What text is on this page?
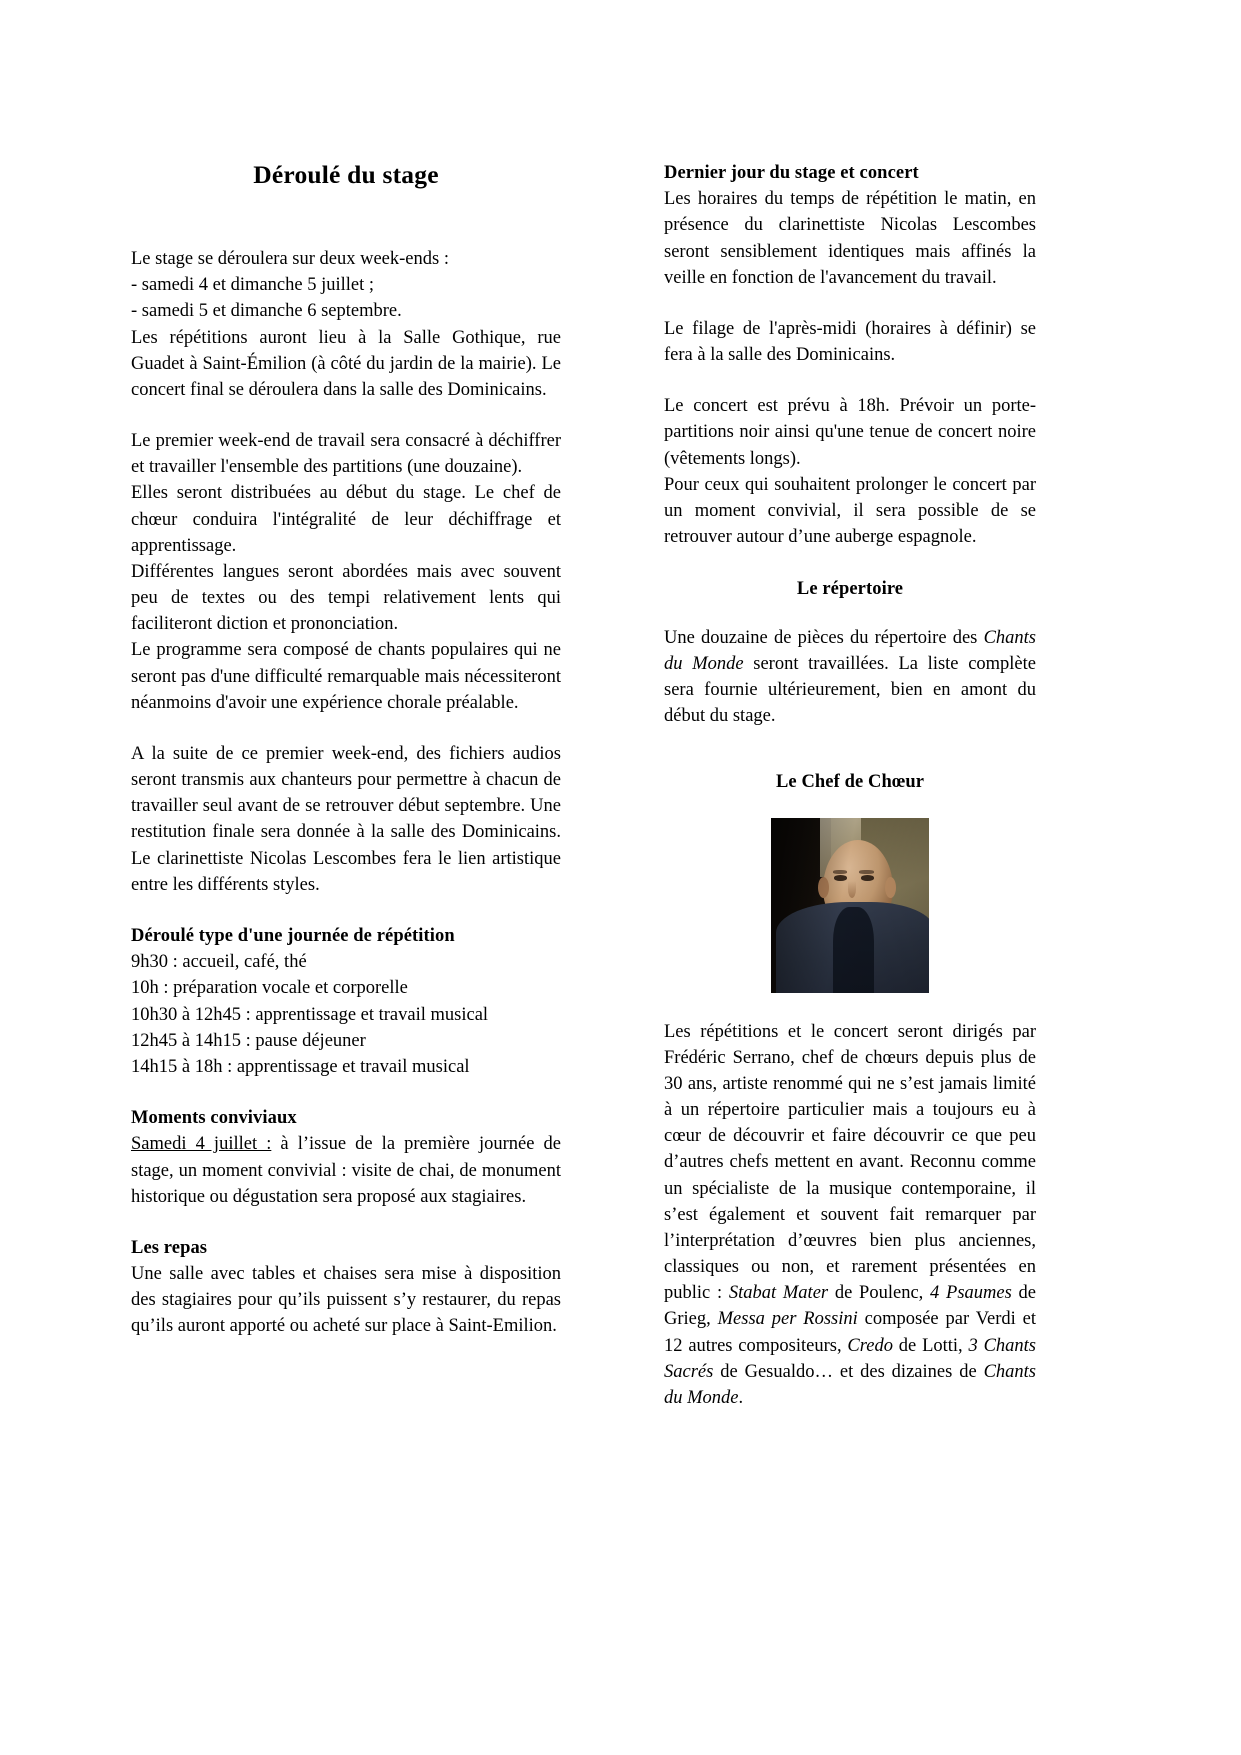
Déroulé du stage

Le stage se déroulera sur deux week-ends :

- samedi 4 et dimanche 5 juillet ;

- samedi 5 et dimanche 6 septembre.

Les répétitions auront lieu à la Salle Gothique, rue Guadet à Saint-Émilion (à côté du jardin de la mairie). Le concert final se déroulera dans la salle des Dominicains.

Le premier week-end de travail sera consacré à déchiffrer et travailler l'ensemble des partitions (une douzaine).

Elles seront distribuées au début du stage. Le chef de chœur conduira l'intégralité de leur déchiffrage et apprentissage.

Différentes langues seront abordées mais avec souvent peu de textes ou des tempi relativement lents qui faciliteront diction et prononciation.

Le programme sera composé de chants populaires qui ne seront pas d'une difficulté remarquable mais nécessiteront néanmoins d'avoir une expérience chorale préalable.

A la suite de ce premier week-end, des fichiers audios seront transmis aux chanteurs pour permettre à chacun de travailler seul avant de se retrouver début septembre. Une restitution finale sera donnée à la salle des Dominicains. Le clarinettiste Nicolas Lescombes fera le lien artistique entre les différents styles.

Déroulé type d'une journée de répétition

9h30 : accueil, café, thé

10h : préparation vocale et corporelle

10h30 à 12h45 : apprentissage et travail musical

12h45 à 14h15 : pause déjeuner

14h15 à 18h : apprentissage et travail musical

Moments conviviaux

Samedi 4 juillet : à l’issue de la première journée de stage, un moment convivial : visite de chai, de monument historique ou dégustation sera proposé aux stagiaires.

Les repas

Une salle avec tables et chaises sera mise à disposition des stagiaires pour qu’ils puissent s’y restaurer, du repas qu’ils auront apporté ou acheté sur place à Saint-Emilion.

Dernier jour du stage et concert

Les horaires du temps de répétition le matin, en présence du clarinettiste Nicolas Lescombes seront sensiblement identiques mais affinés la veille en fonction de l'avancement du travail.

Le filage de l'après-midi (horaires à définir) se fera à la salle des Dominicains.

Le concert est prévu à 18h. Prévoir un porte-partitions noir ainsi qu'une tenue de concert noire (vêtements longs).

Pour ceux qui souhaitent prolonger le concert par un moment convivial, il sera possible de se retrouver autour d’une auberge espagnole.

Le répertoire

Une douzaine de pièces du répertoire des Chants du Monde seront travaillées. La liste complète sera fournie ultérieurement, bien en amont du début du stage.

Le Chef de Chœur

Les répétitions et le concert seront dirigés par Frédéric Serrano, chef de chœurs depuis plus de 30 ans, artiste renommé qui ne s’est jamais limité à un répertoire particulier mais a toujours eu à cœur de découvrir et faire découvrir ce que peu d’autres chefs mettent en avant. Reconnu comme un spécialiste de la musique contemporaine, il s’est également et souvent fait remarquer par l’interprétation d’œuvres bien plus anciennes, classiques ou non, et rarement présentées en public : Stabat Mater de Poulenc, 4 Psaumes de Grieg, Messa per Rossini composée par Verdi et 12 autres compositeurs, Credo de Lotti, 3 Chants Sacrés de Gesualdo… et des dizaines de Chants du Monde.
